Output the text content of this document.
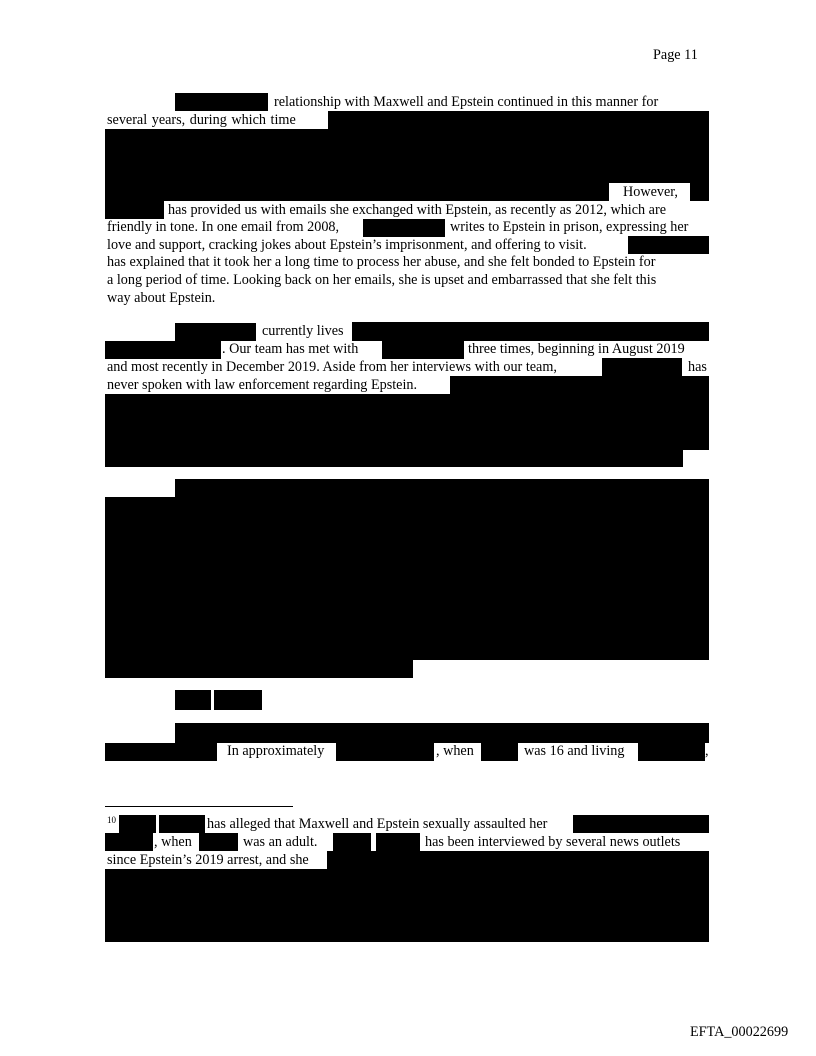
Page 11
relationship with Maxwell and Epstein continued in this manner for
several years, during which time
However,
has provided us with emails she exchanged with Epstein, as recently as 2012, which are
friendly in tone. In one email from 2008,	writes to Epstein in prison, expressing her
love and support, cracking jokes about Epstein’s imprisonment, and offering to visit.
has explained that it took her a long time to process her abuse, and she felt bonded to Epstein for
a long period of time. Looking back on her emails, she is upset and embarrassed that she felt this
way about Epstein.
currently lives
. Our team has met with	three times, beginning in August 2019
and most recently in December 2019. Aside from her interviews with our team,	has
never spoken with law enforcement regarding Epstein.
In approximately	, when	was 16 and living	,
10	has alleged that Maxwell and Epstein sexually assaulted her
, when	was an adult.	has been interviewed by several news outlets
since Epstein’s 2019 arrest, and she
EFTA_00022699
